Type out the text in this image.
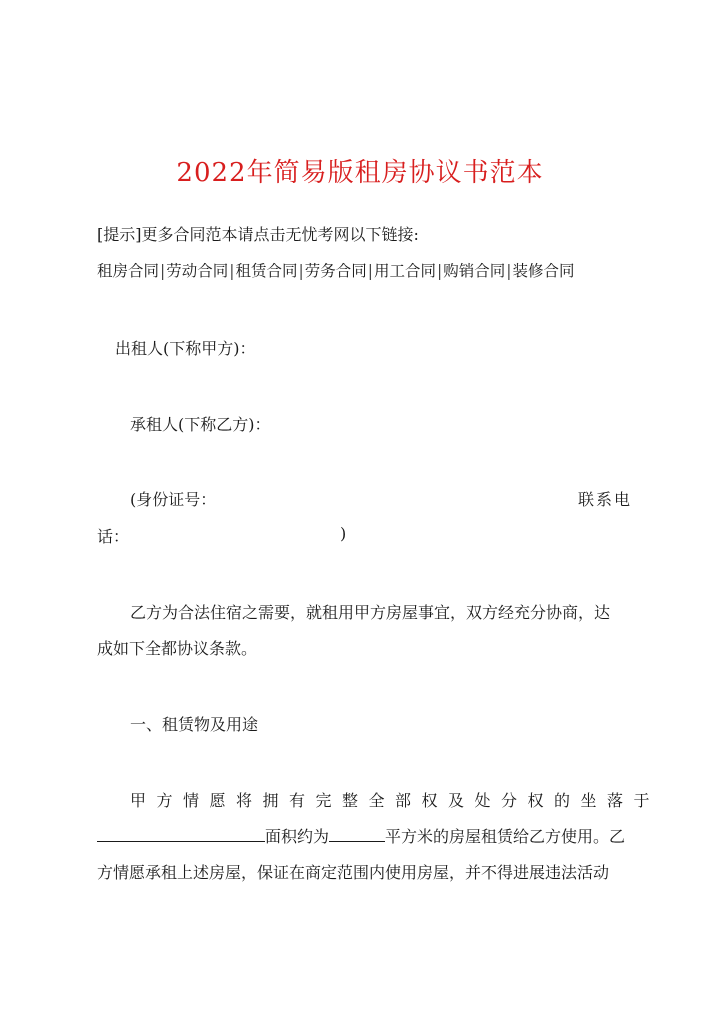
2022年简易版租房协议书范本
[提示]更多合同范本请点击无忧考网以下链接:
租房合同|劳动合同|租赁合同|劳务合同|用工合同|购销合同|装修合同
出租人(下称甲方)：
承租人(下称乙方)：
(身份证号：	联系电
话：	)
乙方为合法住宿之需要，就租用甲方房屋事宜，双方经充分协商，达
成如下全都协议条款。
一、租赁物及用途
甲方情愿将拥有完整全部权及处分权的坐落于
面积约为	平方米的房屋租赁给乙方使用。乙
方情愿承租上述房屋，保证在商定范围内使用房屋，并不得进展违法活动
